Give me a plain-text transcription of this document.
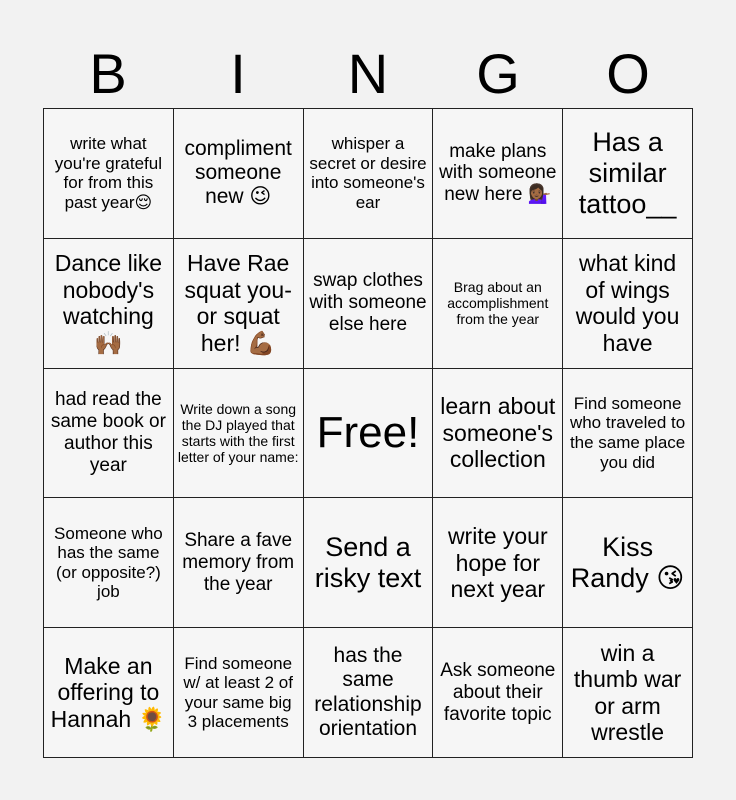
B	I	N	G	O
write what you're grateful for from this past year😌
compliment someone new 😉
whisper a secret or desire into someone's ear
make plans with someone new here 💁🏾‍♀️
Has a similar tattoo__
Dance like nobody's watching 🙌🏾
Have Rae squat you- or squat her! 💪🏾
swap clothes with someone else here
Brag about an accomplishment from the year
what kind of wings would you have
had read the same book or author this year
Write down a song the DJ played that starts with the first letter of your name:
Free!
learn about someone's collection
Find someone who traveled to the same place you did
Someone who has the same (or opposite?) job
Share a fave memory from the year
Send a risky text
write your hope for next year
Kiss Randy 😘
Make an offering to Hannah 🌻
Find someone w/ at least 2 of your same big 3 placements
has the same relationship orientation
Ask someone about their favorite topic
win a thumb war or arm wrestle
